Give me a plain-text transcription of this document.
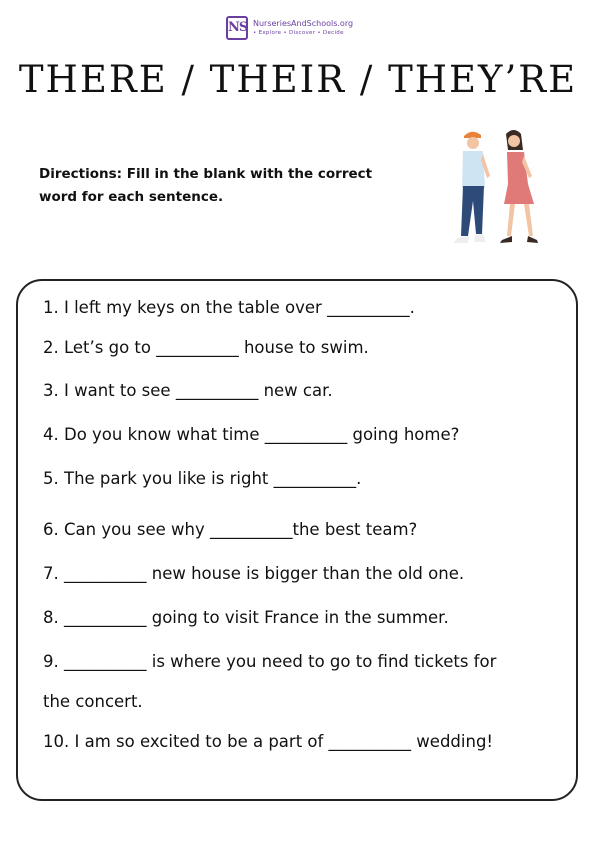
NS NurseriesAndSchools.org
• Explore • Discover • Decide
THERE / THEIR / THEY’RE
Directions: Fill in the blank with the correct word for each sentence.
1. I left my keys on the table over __________.
2. Let’s go to __________ house to swim.
3. I want to see __________ new car.
4. Do you know what time __________ going home?
5. The park you like is right __________.
6. Can you see why __________the best team?
7. __________ new house is bigger than the old one.
8. __________ going to visit France in the summer.
9. __________ is where you need to go to find tickets for
the concert.
10. I am so excited to be a part of __________ wedding!
